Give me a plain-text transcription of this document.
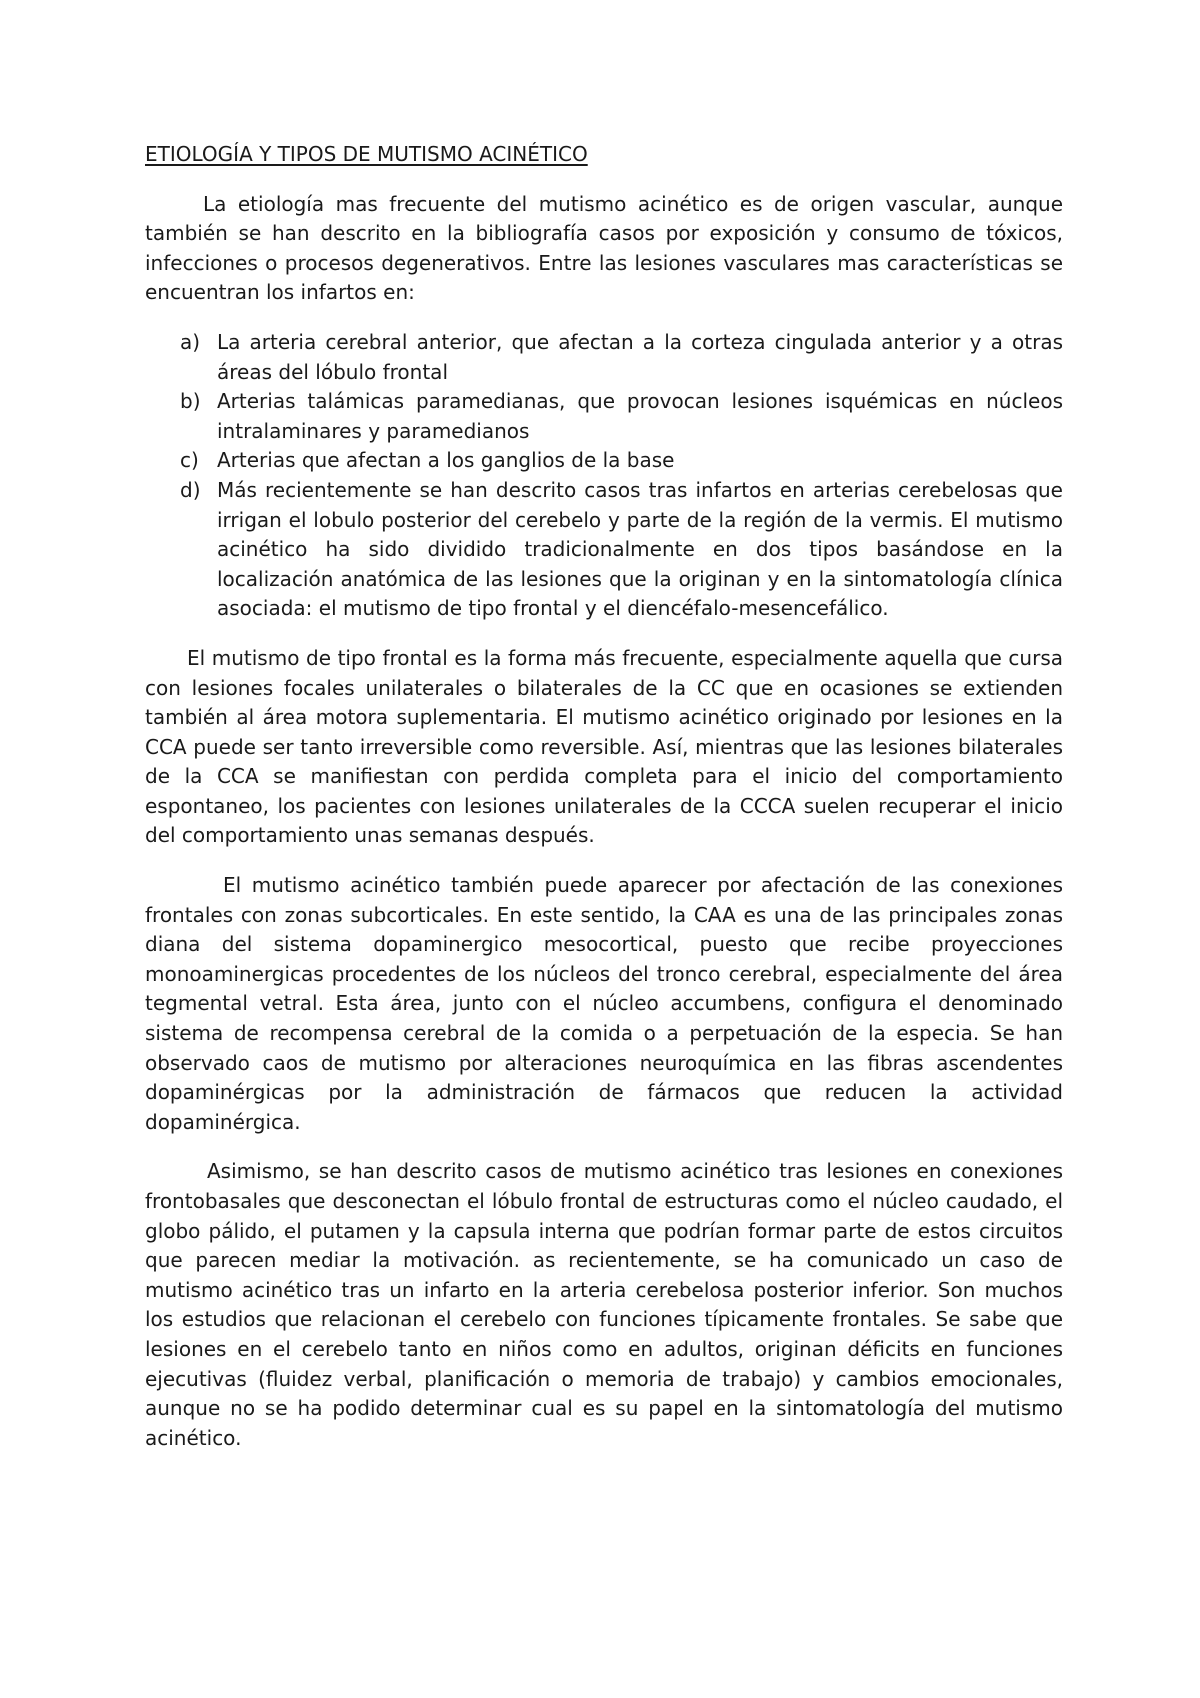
ETIOLOGÍA Y TIPOS DE MUTISMO ACINÉTICO

La etiología mas frecuente del mutismo acinético es de origen vascular, aunque también se han descrito en la bibliografía casos por exposición y consumo de tóxicos, infecciones o procesos degenerativos. Entre las lesiones vasculares mas características se encuentran los infartos en:

a) La arteria cerebral anterior, que afectan a la corteza cingulada anterior y a otras áreas del lóbulo frontal
b) Arterias talámicas paramedianas, que provocan lesiones isquémicas en núcleos intralaminares y paramedianos
c) Arterias que afectan a los ganglios de la base
d) Más recientemente se han descrito casos tras infartos en arterias cerebelosas que irrigan el lobulo posterior del cerebelo y parte de la región de la vermis. El mutismo acinético ha sido dividido tradicionalmente en dos tipos basándose en la localización anatómica de las lesiones que la originan y en la sintomatología clínica asociada: el mutismo de tipo frontal y el diencéfalo-mesencefálico.

El mutismo de tipo frontal es la forma más frecuente, especialmente aquella que cursa con lesiones focales unilaterales o bilaterales de la CC que en ocasiones se extienden también al área motora suplementaria. El mutismo acinético originado por lesiones en la CCA puede ser tanto irreversible como reversible. Así, mientras que las lesiones bilaterales de la CCA se manifiestan con perdida completa para el inicio del comportamiento espontaneo, los pacientes con lesiones unilaterales de la CCCA suelen recuperar el inicio del comportamiento unas semanas después.

El mutismo acinético también puede aparecer por afectación de las conexiones frontales con zonas subcorticales. En este sentido, la CAA es una de las principales zonas diana del sistema dopaminergico mesocortical, puesto que recibe proyecciones monoaminergicas procedentes de los núcleos del tronco cerebral, especialmente del área tegmental vetral. Esta área, junto con el núcleo accumbens, configura el denominado sistema de recompensa cerebral de la comida o a perpetuación de la especia. Se han observado caos de mutismo por alteraciones neuroquímica en las fibras ascendentes dopaminérgicas por la administración de fármacos que reducen la actividad dopaminérgica.

Asimismo, se han descrito casos de mutismo acinético tras lesiones en conexiones frontobasales que desconectan el lóbulo frontal de estructuras como el núcleo caudado, el globo pálido, el putamen y la capsula interna que podrían formar parte de estos circuitos que parecen mediar la motivación. as recientemente, se ha comunicado un caso de mutismo acinético tras un infarto en la arteria cerebelosa posterior inferior. Son muchos los estudios que relacionan el cerebelo con funciones típicamente frontales. Se sabe que lesiones en el cerebelo tanto en niños como en adultos, originan déficits en funciones ejecutivas (fluidez verbal, planificación o memoria de trabajo) y cambios emocionales, aunque no se ha podido determinar cual es su papel en la sintomatología del mutismo acinético.
